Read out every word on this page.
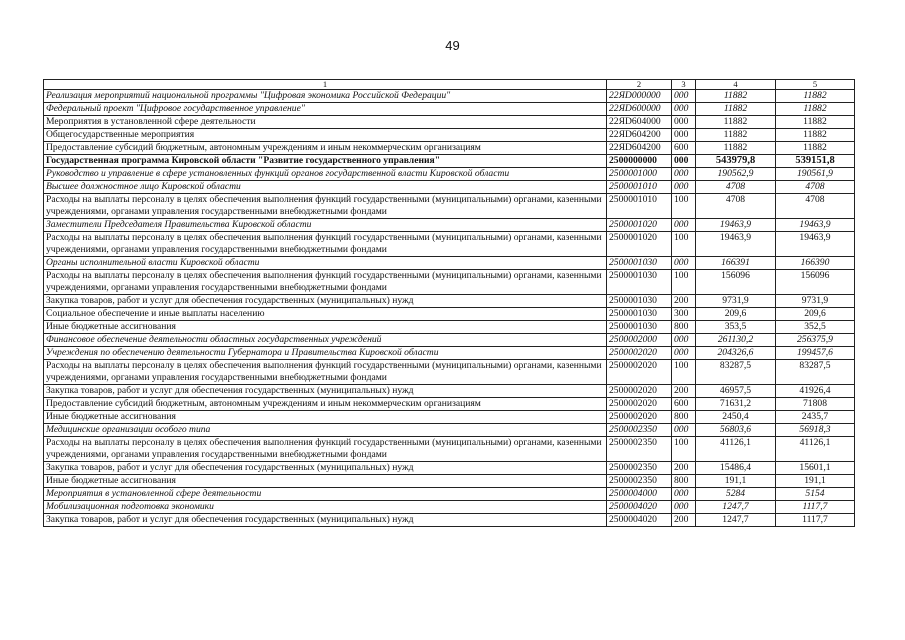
49
1	2	3	4	5
Реализация мероприятий национальной программы "Цифровая экономика Российской Федерации"	22ЯD000000	000	11882	11882
Федеральный проект "Цифровое государственное управление"	22ЯD600000	000	11882	11882
Мероприятия в установленной сфере деятельности	22ЯD604000	000	11882	11882
Общегосударственные мероприятия	22ЯD604200	000	11882	11882
Предоставление субсидий бюджетным, автономным учреждениям и иным некоммерческим организациям	22ЯD604200	600	11882	11882
Государственная программа Кировской области "Развитие государственного управления"	2500000000	000	543979,8	539151,8
Руководство и управление в сфере установленных функций органов государственной власти Кировской области	2500001000	000	190562,9	190561,9
Высшее должностное лицо Кировской области	2500001010	000	4708	4708
Расходы на выплаты персоналу в целях обеспечения выполнения функций государственными (муниципальными) органами, казенными учреждениями, органами управления государственными внебюджетными фондами	2500001010	100	4708	4708
Заместители Председателя Правительства Кировской области	2500001020	000	19463,9	19463,9
Расходы на выплаты персоналу в целях обеспечения выполнения функций государственными (муниципальными) органами, казенными учреждениями, органами управления государственными внебюджетными фондами	2500001020	100	19463,9	19463,9
Органы исполнительной власти Кировской области	2500001030	000	166391	166390
Расходы на выплаты персоналу в целях обеспечения выполнения функций государственными (муниципальными) органами, казенными учреждениями, органами управления государственными внебюджетными фондами	2500001030	100	156096	156096
Закупка товаров, работ и услуг для обеспечения государственных (муниципальных) нужд	2500001030	200	9731,9	9731,9
Социальное обеспечение и иные выплаты населению	2500001030	300	209,6	209,6
Иные бюджетные ассигнования	2500001030	800	353,5	352,5
Финансовое обеспечение деятельности областных государственных учреждений	2500002000	000	261130,2	256375,9
Учреждения по обеспечению деятельности Губернатора и Правительства Кировской области	2500002020	000	204326,6	199457,6
Расходы на выплаты персоналу в целях обеспечения выполнения функций государственными (муниципальными) органами, казенными учреждениями, органами управления государственными внебюджетными фондами	2500002020	100	83287,5	83287,5
Закупка товаров, работ и услуг для обеспечения государственных (муниципальных) нужд	2500002020	200	46957,5	41926,4
Предоставление субсидий бюджетным, автономным учреждениям и иным некоммерческим организациям	2500002020	600	71631,2	71808
Иные бюджетные ассигнования	2500002020	800	2450,4	2435,7
Медицинские организации особого типа	2500002350	000	56803,6	56918,3
Расходы на выплаты персоналу в целях обеспечения выполнения функций государственными (муниципальными) органами, казенными учреждениями, органами управления государственными внебюджетными фондами	2500002350	100	41126,1	41126,1
Закупка товаров, работ и услуг для обеспечения государственных (муниципальных) нужд	2500002350	200	15486,4	15601,1
Иные бюджетные ассигнования	2500002350	800	191,1	191,1
Мероприятия в установленной сфере деятельности	2500004000	000	5284	5154
Мобилизационная подготовка экономики	2500004020	000	1247,7	1117,7
Закупка товаров, работ и услуг для обеспечения государственных (муниципальных) нужд	2500004020	200	1247,7	1117,7
